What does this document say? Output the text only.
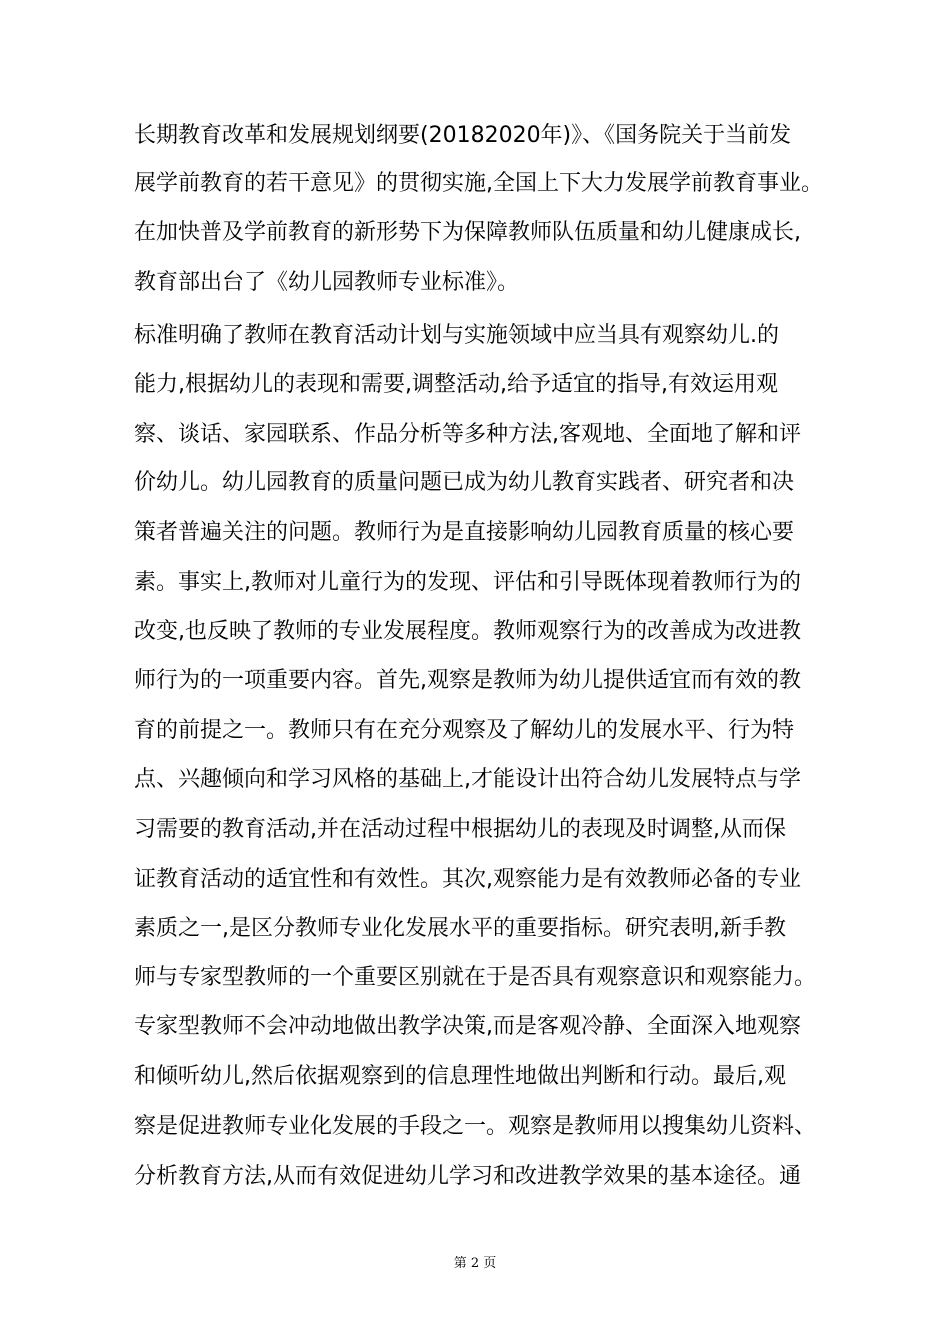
长期教育改革和发展规划纲要(20182020年)》、《国务院关于当前发

展学前教育的若干意见》的贯彻实施,全国上下大力发展学前教育事业。

在加快普及学前教育的新形势下为保障教师队伍质量和幼儿健康成长,

教育部出台了《幼儿园教师专业标准》。

标准明确了教师在教育活动计划与实施领域中应当具有观察幼儿.的

能力,根据幼儿的表现和需要,调整活动,给予适宜的指导,有效运用观

察、谈话、家园联系、作品分析等多种方法,客观地、全面地了解和评

价幼儿。幼儿园教育的质量问题已成为幼儿教育实践者、研究者和决

策者普遍关注的问题。教师行为是直接影响幼儿园教育质量的核心要

素。事实上,教师对儿童行为的发现、评估和引导既体现着教师行为的

改变,也反映了教师的专业发展程度。教师观察行为的改善成为改进教

师行为的一项重要内容。首先,观察是教师为幼儿提供适宜而有效的教

育的前提之一。教师只有在充分观察及了解幼儿的发展水平、行为特

点、兴趣倾向和学习风格的基础上,才能设计出符合幼儿发展特点与学

习需要的教育活动,并在活动过程中根据幼儿的表现及时调整,从而保

证教育活动的适宜性和有效性。其次,观察能力是有效教师必备的专业

素质之一,是区分教师专业化发展水平的重要指标。研究表明,新手教

师与专家型教师的一个重要区别就在于是否具有观察意识和观察能力。

专家型教师不会冲动地做出教学决策,而是客观冷静、全面深入地观察

和倾听幼儿,然后依据观察到的信息理性地做出判断和行动。最后,观

察是促进教师专业化发展的手段之一。观察是教师用以搜集幼儿资料、

分析教育方法,从而有效促进幼儿学习和改进教学效果的基本途径。通

第 2 页
